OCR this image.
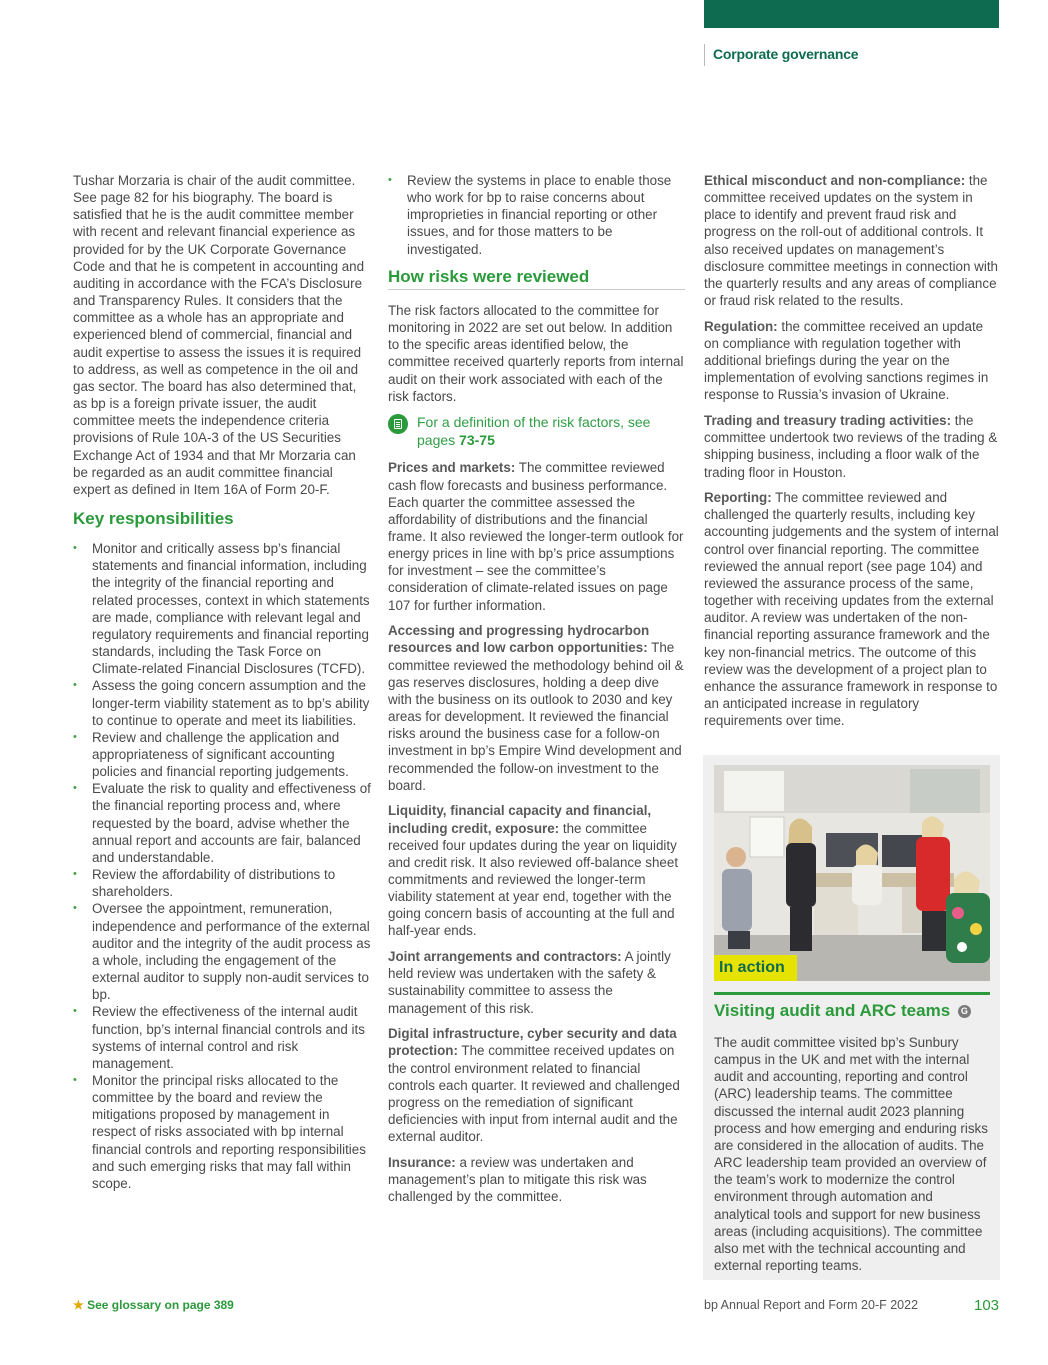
Corporate governance

Tushar Morzaria is chair of the audit committee. See page 82 for his biography. The board is satisfied that he is the audit committee member with recent and relevant financial experience as provided for by the UK Corporate Governance Code and that he is competent in accounting and auditing in accordance with the FCA’s Disclosure and Transparency Rules. It considers that the committee as a whole has an appropriate and experienced blend of commercial, financial and audit expertise to assess the issues it is required to address, as well as competence in the oil and gas sector. The board has also determined that, as bp is a foreign private issuer, the audit committee meets the independence criteria provisions of Rule 10A-3 of the US Securities Exchange Act of 1934 and that Mr Morzaria can be regarded as an audit committee financial expert as defined in Item 16A of Form 20-F.

Key responsibilities
• Monitor and critically assess bp’s financial statements and financial information, including the integrity of the financial reporting and related processes, context in which statements are made, compliance with relevant legal and regulatory requirements and financial reporting standards, including the Task Force on Climate-related Financial Disclosures (TCFD).
• Assess the going concern assumption and the longer-term viability statement as to bp’s ability to continue to operate and meet its liabilities.
• Review and challenge the application and appropriateness of significant accounting policies and financial reporting judgements.
• Evaluate the risk to quality and effectiveness of the financial reporting process and, where requested by the board, advise whether the annual report and accounts are fair, balanced and understandable.
• Review the affordability of distributions to shareholders.
• Oversee the appointment, remuneration, independence and performance of the external auditor and the integrity of the audit process as a whole, including the engagement of the external auditor to supply non-audit services to bp.
• Review the effectiveness of the internal audit function, bp’s internal financial controls and its systems of internal control and risk management.
• Monitor the principal risks allocated to the committee by the board and review the mitigations proposed by management in respect of risks associated with bp internal financial controls and reporting responsibilities and such emerging risks that may fall within scope.
• Review the systems in place to enable those who work for bp to raise concerns about improprieties in financial reporting or other issues, and for those matters to be investigated.
How risks were reviewed

The risk factors allocated to the committee for monitoring in 2022 are set out below. In addition to the specific areas identified below, the committee received quarterly reports from internal audit on their work associated with each of the risk factors.

For a definition of the risk factors, see pages 73-75

Prices and markets: The committee reviewed cash flow forecasts and business performance. Each quarter the committee assessed the affordability of distributions and the financial frame. It also reviewed the longer-term outlook for energy prices in line with bp’s price assumptions for investment – see the committee’s consideration of climate-related issues on page 107 for further information.

Accessing and progressing hydrocarbon resources and low carbon opportunities: The committee reviewed the methodology behind oil & gas reserves disclosures, holding a deep dive with the business on its outlook to 2030 and key areas for development. It reviewed the financial risks around the business case for a follow-on investment in bp’s Empire Wind development and recommended the follow-on investment to the board.

Liquidity, financial capacity and financial, including credit, exposure: the committee received four updates during the year on liquidity and credit risk. It also reviewed off-balance sheet commitments and reviewed the longer-term viability statement at year end, together with the going concern basis of accounting at the full and half-year ends.

Joint arrangements and contractors: A jointly held review was undertaken with the safety & sustainability committee to assess the management of this risk.

Digital infrastructure, cyber security and data protection: The committee received updates on the control environment related to financial controls each quarter. It reviewed and challenged progress on the remediation of significant deficiencies with input from internal audit and the external auditor.

Insurance: a review was undertaken and management’s plan to mitigate this risk was challenged by the committee.

Ethical misconduct and non-compliance: the committee received updates on the system in place to identify and prevent fraud risk and progress on the roll-out of additional controls. It also received updates on management’s disclosure committee meetings in connection with the quarterly results and any areas of compliance or fraud risk related to the results.

Regulation: the committee received an update on compliance with regulation together with additional briefings during the year on the implementation of evolving sanctions regimes in response to Russia’s invasion of Ukraine.

Trading and treasury trading activities: the committee undertook two reviews of the trading & shipping business, including a floor walk of the trading floor in Houston.

Reporting: The committee reviewed and challenged the quarterly results, including key accounting judgements and the system of internal control over financial reporting. The committee reviewed the annual report (see page 104) and reviewed the assurance process of the same, together with receiving updates from the external auditor. A review was undertaken of the non-financial reporting assurance framework and the key non-financial metrics. The outcome of this review was the development of a project plan to enhance the assurance framework in response to an anticipated increase in regulatory requirements over time.

In action
Visiting audit and ARC teams G
The audit committee visited bp’s Sunbury campus in the UK and met with the internal audit and accounting, reporting and control (ARC) leadership teams. The committee discussed the internal audit 2023 planning process and how emerging and enduring risks are considered in the allocation of audits. The ARC leadership team provided an overview of the team’s work to modernize the control environment through automation and analytical tools and support for new business areas (including acquisitions). The committee also met with the technical accounting and external reporting teams.
★ See glossary on page 389	bp Annual Report and Form 20-F 2022	103
